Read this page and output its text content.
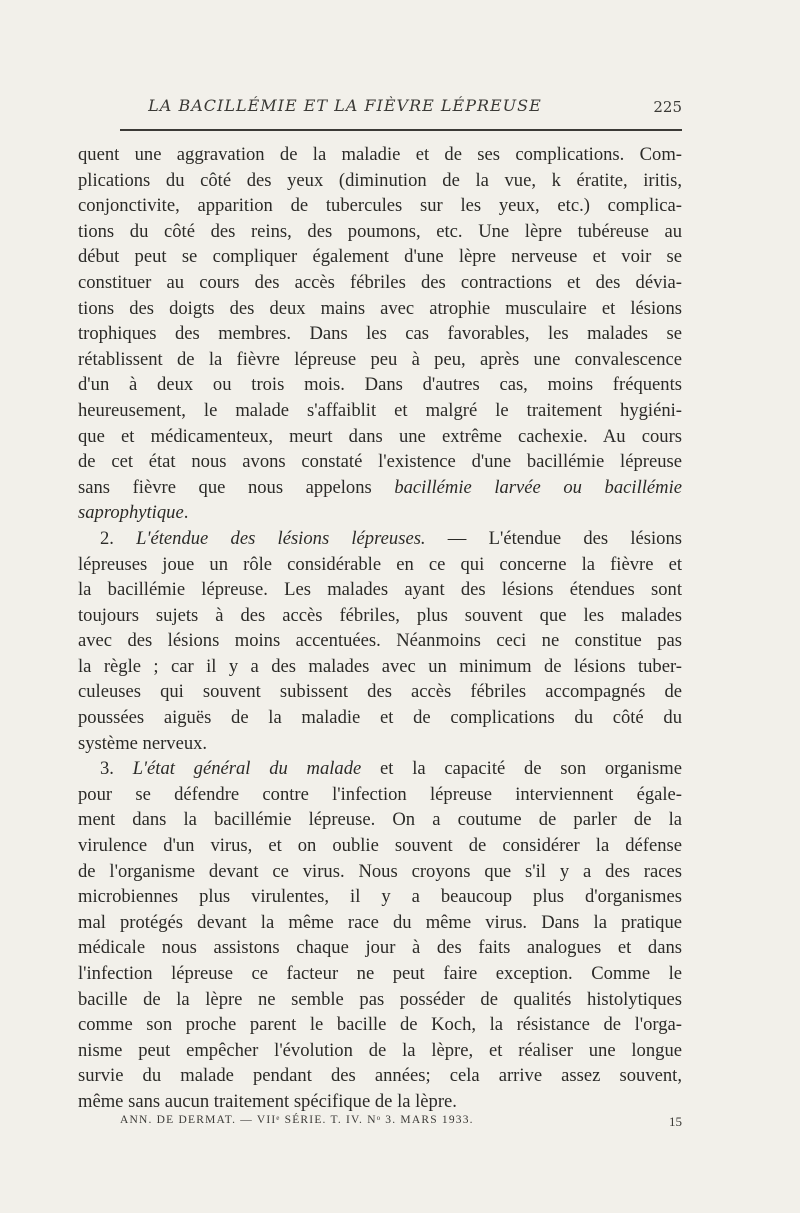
LA BACILLÉMIE ET LA FIÈVRE LÉPREUSE	225
quent une aggravation de la maladie et de ses complications. Com-
plications du côté des yeux (diminution de la vue, k ératite, iritis,
conjonctivite, apparition de tubercules sur les yeux, etc.) complica-
tions du côté des reins, des poumons, etc. Une lèpre tubéreuse au
début peut se compliquer également d'une lèpre nerveuse et voir se
constituer au cours des accès fébriles des contractions et des dévia-
tions des doigts des deux mains avec atrophie musculaire et lésions
trophiques des membres. Dans les cas favorables, les malades se
rétablissent de la fièvre lépreuse peu à peu, après une convalescence
d'un à deux ou trois mois. Dans d'autres cas, moins fréquents
heureusement, le malade s'affaiblit et malgré le traitement hygiéni-
que et médicamenteux, meurt dans une extrême cachexie. Au cours
de cet état nous avons constaté l'existence d'une bacillémie lépreuse
sans fièvre que nous appelons bacillémie larvée ou bacillémie
saprophytique.
2. L'étendue des lésions lépreuses. — L'étendue des lésions
lépreuses joue un rôle considérable en ce qui concerne la fièvre et
la bacillémie lépreuse. Les malades ayant des lésions étendues sont
toujours sujets à des accès fébriles, plus souvent que les malades
avec des lésions moins accentuées. Néanmoins ceci ne constitue pas
la règle ; car il y a des malades avec un minimum de lésions tuber-
culeuses qui souvent subissent des accès fébriles accompagnés de
poussées aiguës de la maladie et de complications du côté du
système nerveux.
3. L'état général du malade et la capacité de son organisme
pour se défendre contre l'infection lépreuse interviennent égale-
ment dans la bacillémie lépreuse. On a coutume de parler de la
virulence d'un virus, et on oublie souvent de considérer la défense
de l'organisme devant ce virus. Nous croyons que s'il y a des races
microbiennes plus virulentes, il y a beaucoup plus d'organismes
mal protégés devant la même race du même virus. Dans la pratique
médicale nous assistons chaque jour à des faits analogues et dans
l'infection lépreuse ce facteur ne peut faire exception. Comme le
bacille de la lèpre ne semble pas posséder de qualités histolytiques
comme son proche parent le bacille de Koch, la résistance de l'orga-
nisme peut empêcher l'évolution de la lèpre, et réaliser une longue
survie du malade pendant des années; cela arrive assez souvent,
même sans aucun traitement spécifique de la lèpre.
ANN. DE DERMAT. — VIIᵉ SÉRIE. T. IV. Nᵒ 3. MARS 1933.	15
